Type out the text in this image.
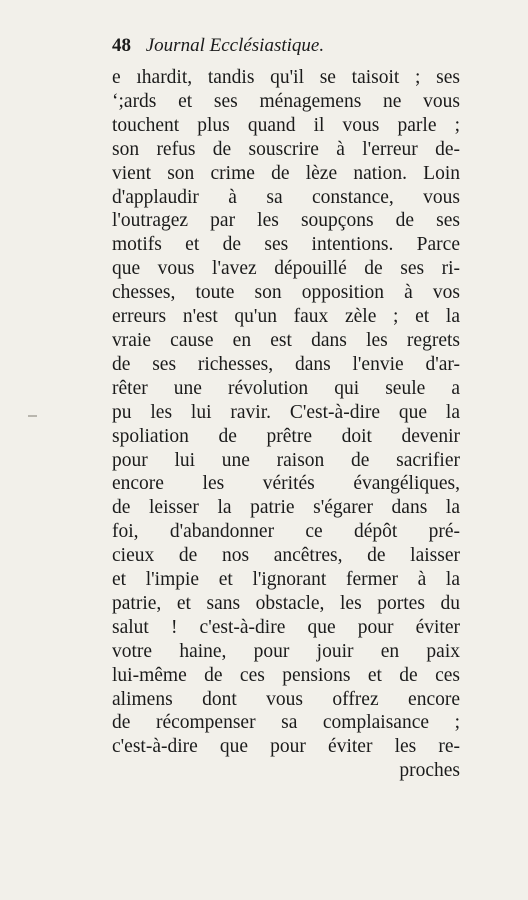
48 Journal Ecclésiastique.
e ıhardit, tandis qu'il se taisoit ; ses
ʻ;ards et ses ménagemens ne vous
touchent plus quand il vous parle ;
son refus de souscrire à l'erreur de-
vient son crime de lèze nation. Loin
d'applaudir à sa constance, vous
l'outragez par les soupçons de ses
motifs et de ses intentions. Parce
que vous l'avez dépouillé de ses ri-
chesses, toute son opposition à vos
erreurs n'est qu'un faux zèle ; et la
vraie cause en est dans les regrets
de ses richesses, dans l'envie d'ar-
rêter une révolution qui seule a
pu les lui ravir. C'est-à-dire que la
spoliation de prêtre doit devenir
pour lui une raison de sacrifier
encore les vérités évangéliques,
de leisser la patrie s'égarer dans la
foi, d'abandonner ce dépôt pré-
cieux de nos ancêtres, de laisser
et l'impie et l'ignorant fermer à la
patrie, et sans obstacle, les portes du
salut ! c'est-à-dire que pour éviter
votre haine, pour jouir en paix
lui-même de ces pensions et de ces
alimens dont vous offrez encore
de récompenser sa complaisance ;
c'est-à-dire que pour éviter les re-
proches
